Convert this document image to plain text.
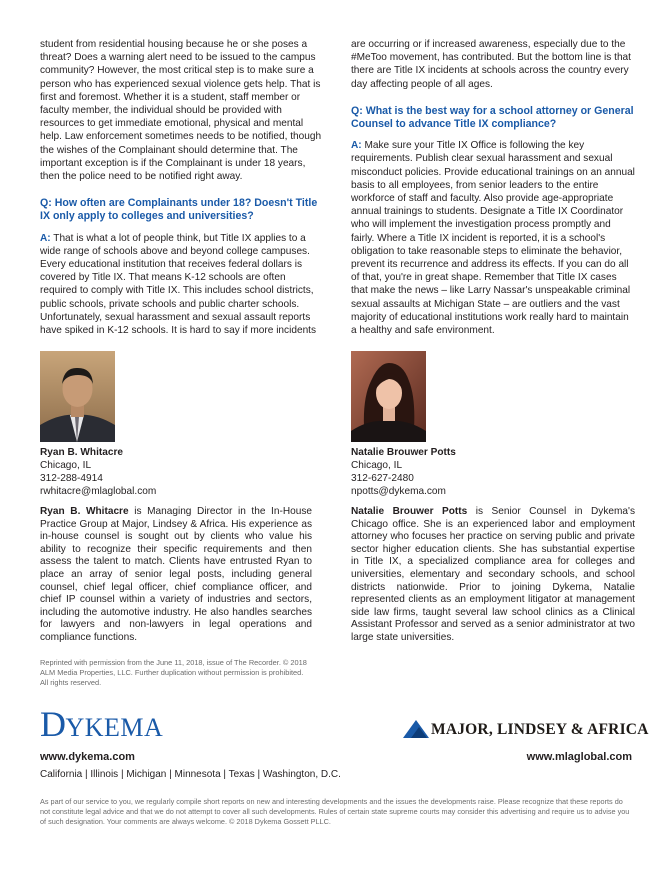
student from residential housing because he or she poses a threat? Does a warning alert need to be issued to the campus community? However, the most critical step is to make sure a person who has experienced sexual violence gets help. That is first and foremost. Whether it is a student, staff member or faculty member, the individual should be provided with resources to get immediate emotional, physical and mental help. Law enforcement sometimes needs to be notified, though the wishes of the Complainant should determine that. The important exception is if the Complainant is under 18 years, then the police need to be notified right away.

Q: How often are Complainants under 18? Doesn't Title IX only apply to colleges and universities?

A: That is what a lot of people think, but Title IX applies to a wide range of schools above and beyond college campuses. Every educational institution that receives federal dollars is covered by Title IX. That means K-12 schools are often required to comply with Title IX. This includes school districts, public schools, private schools and public charter schools. Unfortunately, sexual harassment and sexual assault reports have spiked in K-12 schools. It is hard to say if more incidents

are occurring or if increased awareness, especially due to the #MeToo movement, has contributed. But the bottom line is that there are Title IX incidents at schools across the country every day affecting people of all ages.

Q: What is the best way for a school attorney or General Counsel to advance Title IX compliance?

A: Make sure your Title IX Office is following the key requirements. Publish clear sexual harassment and sexual misconduct policies. Provide educational trainings on an annual basis to all employees, from senior leaders to the entire workforce of staff and faculty. Also provide age-appropriate annual trainings to students. Designate a Title IX Coordinator who will implement the investigation process promptly and fairly. Where a Title IX incident is reported, it is a school's obligation to take reasonable steps to eliminate the behavior, prevent its recurrence and address its effects. If you can do all of that, you're in great shape. Remember that Title IX cases that make the news – like Larry Nassar's unspeakable criminal sexual assaults at Michigan State – are outliers and the vast majority of educational institutions work really hard to maintain a healthy and safe environment.

Ryan B. Whitacre
Chicago, IL
312-288-4914
rwhitacre@mlaglobal.com
Natalie Brouwer Potts
Chicago, IL
312-627-2480
npotts@dykema.com
Ryan B. Whitacre is Managing Director in the In-House Practice Group at Major, Lindsey & Africa. His experience as in-house counsel is sought out by clients who value his ability to recognize their specific requirements and then assess the talent to match. Clients have entrusted Ryan to place an array of senior legal posts, including general counsel, chief legal officer, chief compliance officer, and chief IP counsel within a variety of industries and sectors, including the automotive industry. He also handles searches for lawyers and non-lawyers in legal operations and compliance functions.
Natalie Brouwer Potts is Senior Counsel in Dykema's Chicago office. She is an experienced labor and employment attorney who focuses her practice on serving public and private sector higher education clients. She has substantial expertise in Title IX, a specialized compliance area for colleges and universities, elementary and secondary schools, and school districts nationwide. Prior to joining Dykema, Natalie represented clients as an employment litigator at management side law firms, taught several law school clinics as a Clinical Assistant Professor and served as a senior administrator at two large state universities.
Reprinted with permission from the June 11, 2018, issue of The Recorder. © 2018 ALM Media Properties, LLC. Further duplication without permission is prohibited. All rights reserved.
DYKEMA	MAJOR, LINDSEY & AFRICA
www.dykema.com	www.mlaglobal.com
California | Illinois | Michigan | Minnesota | Texas | Washington, D.C.
As part of our service to you, we regularly compile short reports on new and interesting developments and the issues the developments raise. Please recognize that these reports do not constitute legal advice and that we do not attempt to cover all such developments. Rules of certain state supreme courts may consider this advertising and require us to advise you of such designation. Your comments are always welcome. © 2018 Dykema Gossett PLLC.
